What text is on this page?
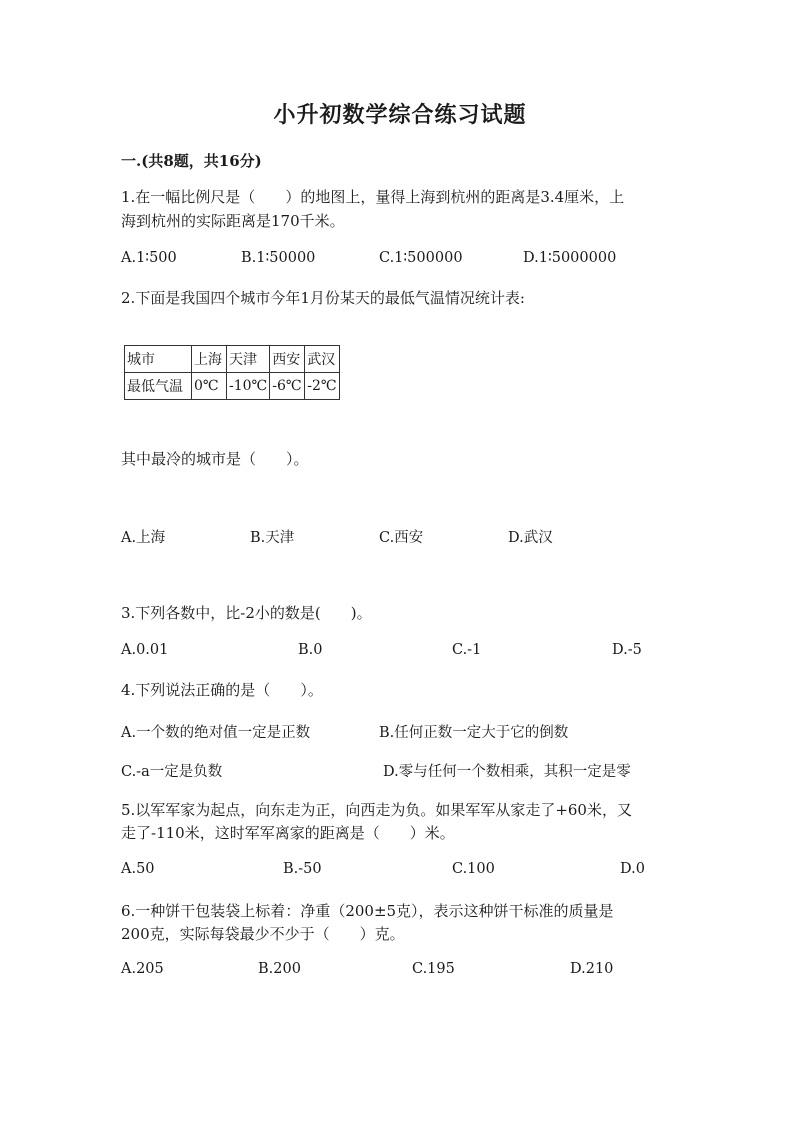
小升初数学综合练习试题
一.(共8题，共16分)
1.在一幅比例尺是（　　）的地图上，量得上海到杭州的距离是3.4厘米，上
海到杭州的实际距离是170千米。
A.1∶500	B.1∶50000	C.1∶500000	D.1∶5000000
2.下面是我国四个城市今年1月份某天的最低气温情况统计表:
城市	上海	天津	西安	武汉
最低气温	0℃	-10℃	-6℃	-2℃
其中最冷的城市是（　　）。
A.上海	B.天津	C.西安	D.武汉
3.下列各数中，比-2小的数是(　　)。
A.0.01	B.0	C.-1	D.-5
4.下列说法正确的是（　　）。
A.一个数的绝对值一定是正数	B.任何正数一定大于它的倒数
C.-a一定是负数	D.零与任何一个数相乘，其积一定是零
5.以军军家为起点，向东走为正，向西走为负。如果军军从家走了+60米，又
走了-110米，这时军军离家的距离是（　　）米。
A.50	B.-50	C.100	D.0
6.一种饼干包装袋上标着：净重（200±5克），表示这种饼干标准的质量是
200克，实际每袋最少不少于（　　）克。
A.205	B.200	C.195	D.210
